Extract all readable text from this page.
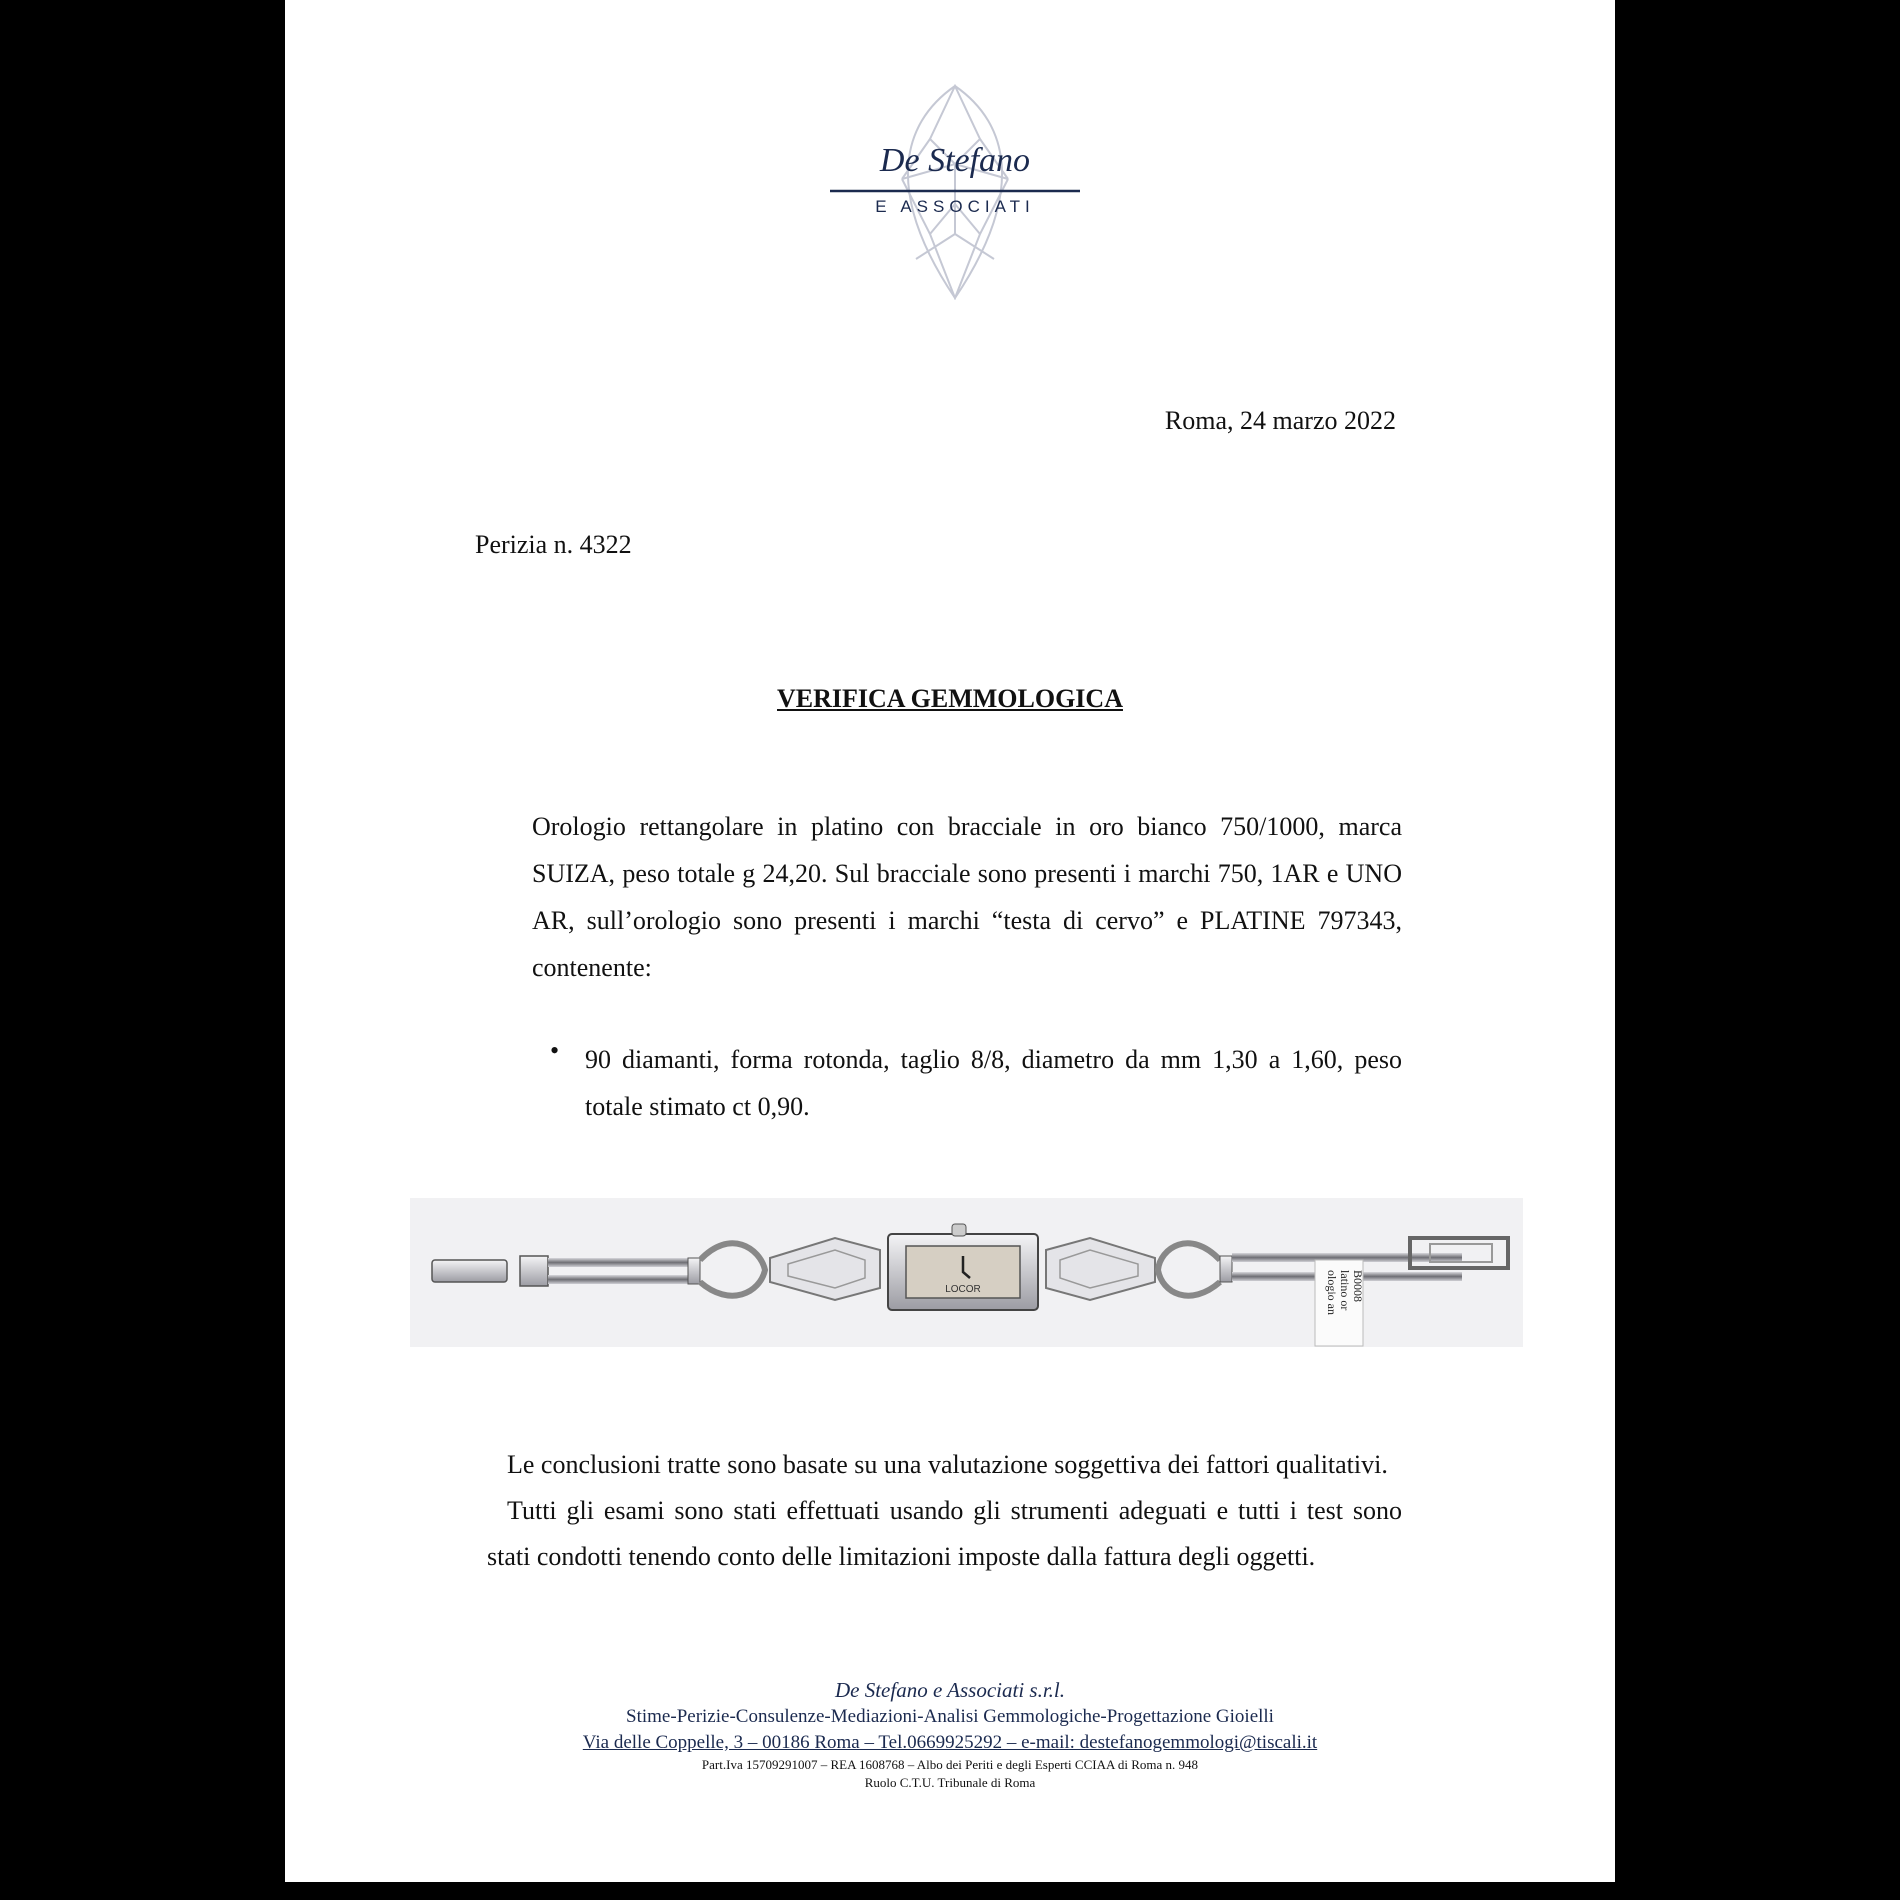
De Stefano
E ASSOCIATI
Roma, 24 marzo 2022
Perizia n. 4322
VERIFICA GEMMOLOGICA
Orologio rettangolare in platino con bracciale in oro bianco 750/1000, marca SUIZA, peso totale g 24,20. Sul bracciale sono presenti i marchi 750, 1AR e UNO AR, sull’orologio sono presenti i marchi “testa di cervo” e PLATINE 797343, contenente:
• 90 diamanti, forma rotonda, taglio 8/8, diametro da mm 1,30 a 1,60, peso totale stimato ct 0,90.
LOCOR	ologio an latino or B0008
Le conclusioni tratte sono basate su una valutazione soggettiva dei fattori qualitativi.
Tutti gli esami sono stati effettuati usando gli strumenti adeguati e tutti i test sono stati condotti tenendo conto delle limitazioni imposte dalla fattura degli oggetti.
De Stefano e Associati s.r.l.
Stime-Perizie-Consulenze-Mediazioni-Analisi Gemmologiche-Progettazione Gioielli
Via delle Coppelle, 3 – 00186 Roma – Tel.0669925292 – e-mail: destefanogemmologi@tiscali.it
Part.Iva 15709291007 – REA 1608768 – Albo dei Periti e degli Esperti CCIAA di Roma n. 948
Ruolo C.T.U. Tribunale di Roma
